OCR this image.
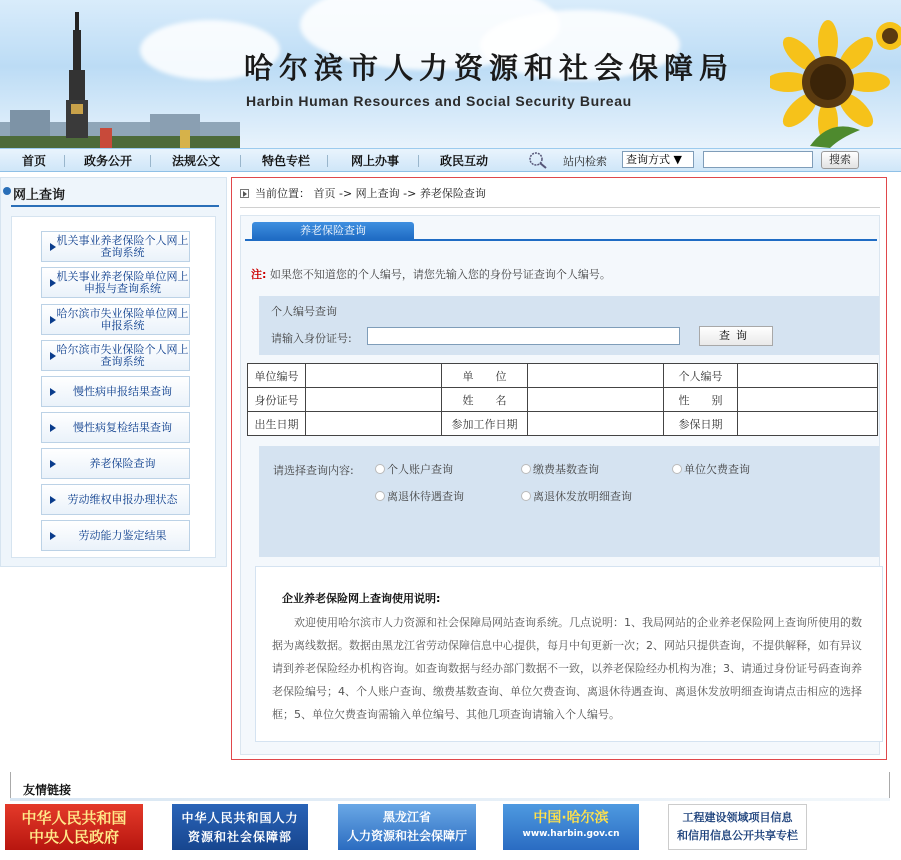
哈尔滨市人力资源和社会保障局
Harbin Human Resources and Social Security Bureau
首页	政务公开	法规公文	特色专栏	网上办事	政民互动	站内检索	查询方式 ▼	搜索
网上查询
机关事业养老保险个人网上查询系统
机关事业养老保险单位网上申报与查询系统
哈尔滨市失业保险单位网上申报系统
哈尔滨市失业保险个人网上查询系统
慢性病申报结果查询
慢性病复检结果查询
养老保险查询
劳动维权申报办理状态
劳动能力鉴定结果
当前位置： 首页 -> 网上查询 -> 养老保险查询
养老保险查询
注: 如果您不知道您的个人编号，请您先输入您的身份号证查询个人编号。
个人编号查询
请输入身份证号:	查询
单位编号		单　　位		个人编号	
身份证号		姓　　名		性　　别	
出生日期		参加工作日期		参保日期	
请选择查询内容:	个人账户查询	缴费基数查询	单位欠费查询
离退休待遇查询	离退休发放明细查询
企业养老保险网上查询使用说明:
欢迎使用哈尔滨市人力资源和社会保障局网站查询系统。几点说明：1、我局网站的企业养老保险网上查询所使用的数据为离线数据。数据由黑龙江省劳动保障信息中心提供，每月中旬更新一次；2、网站只提供查询，不提供解释，如有异议请到养老保险经办机构咨询。如查询数据与经办部门数据不一致，以养老保险经办机构为准；3、请通过身份证号码查询养老保险编号；4、个人账户查询、缴费基数查询、单位欠费查询、离退休待遇查询、离退休发放明细查询请点击相应的选择框；5、单位欠费查询需输入单位编号、其他几项查询请输入个人编号。
友情链接
中华人民共和国
中央人民政府
中华人民共和国人力
资源和社会保障部
黑龙江省
人力资源和社会保障厅
中国·哈尔滨
www.harbin.gov.cn
工程建设领域项目信息
和信用信息公开共享专栏
